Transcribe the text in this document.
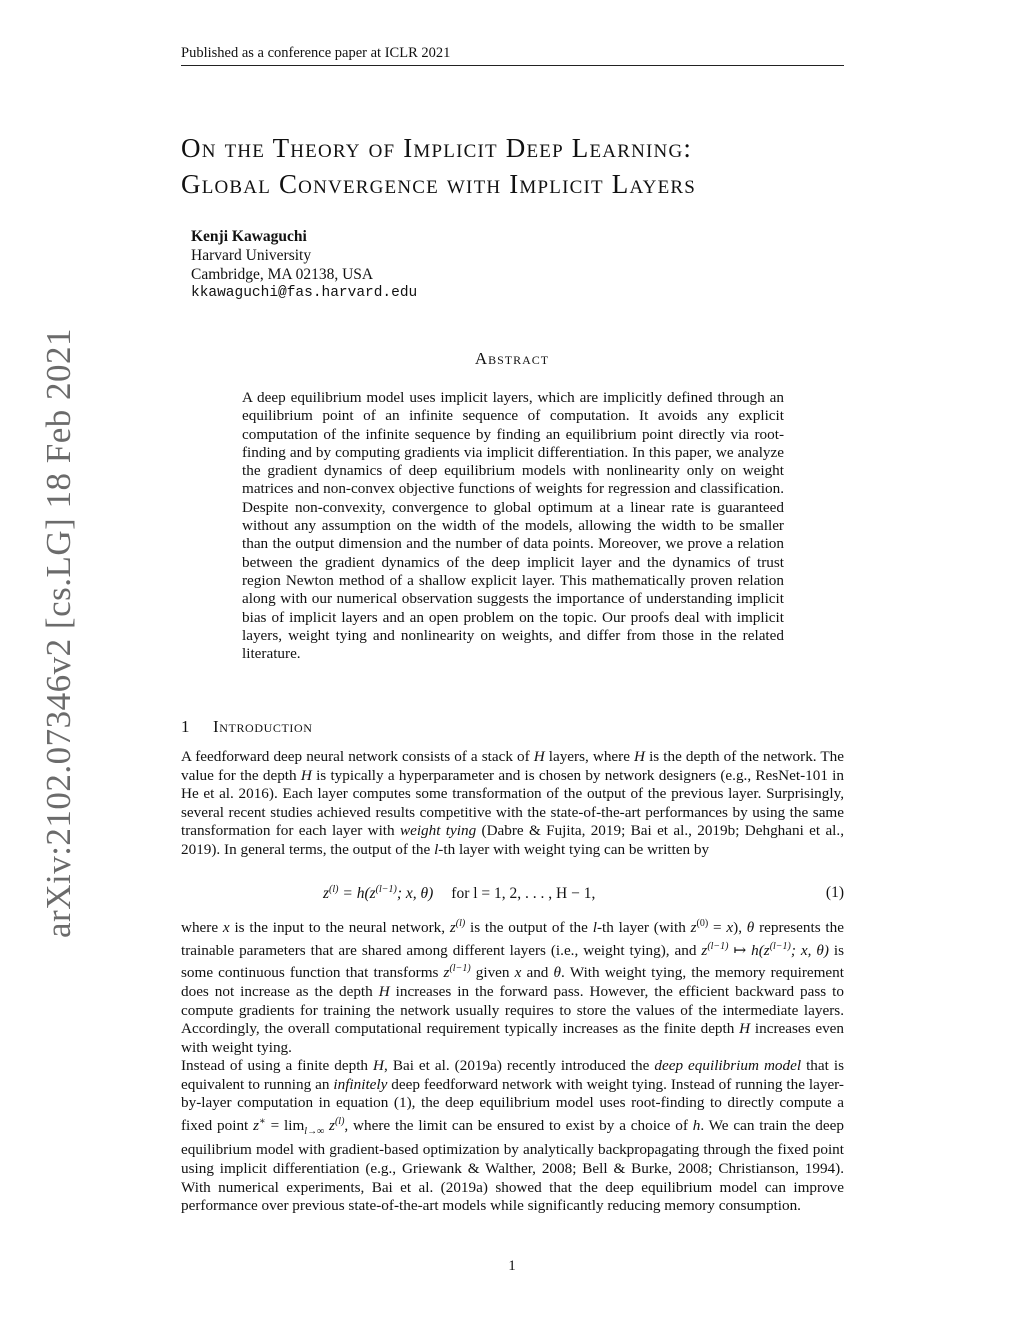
Published as a conference paper at ICLR 2021
On the Theory of Implicit Deep Learning:
Global Convergence with Implicit Layers
Kenji Kawaguchi
Harvard University
Cambridge, MA 02138, USA
kkawaguchi@fas.harvard.edu
Abstract
A deep equilibrium model uses implicit layers, which are implicitly defined through an equilibrium point of an infinite sequence of computation. It avoids any explicit computation of the infinite sequence by finding an equilibrium point directly via root-finding and by computing gradients via implicit differentiation. In this paper, we analyze the gradient dynamics of deep equilibrium models with nonlinearity only on weight matrices and non-convex objective functions of weights for regression and classification. Despite non-convexity, convergence to global optimum at a linear rate is guaranteed without any assumption on the width of the models, allowing the width to be smaller than the output dimension and the number of data points. Moreover, we prove a relation between the gradient dynamics of the deep implicit layer and the dynamics of trust region Newton method of a shallow explicit layer. This mathematically proven relation along with our numerical observation suggests the importance of understanding implicit bias of implicit layers and an open problem on the topic. Our proofs deal with implicit layers, weight tying and nonlinearity on weights, and differ from those in the related literature.
1 Introduction

A feedforward deep neural network consists of a stack of H layers, where H is the depth of the network. The value for the depth H is typically a hyperparameter and is chosen by network designers (e.g., ResNet-101 in He et al. 2016). Each layer computes some transformation of the output of the previous layer. Surprisingly, several recent studies achieved results competitive with the state-of-the-art performances by using the same transformation for each layer with weight tying (Dabre & Fujita, 2019; Bai et al., 2019b; Dehghani et al., 2019). In general terms, the output of the l-th layer with weight tying can be written by

$z^{(l)} = h(z^{(l-1)}$; x, θ) for l = 1, 2, . . . , H − 1,	(1)

where x is the input to the neural network, $z^{(l)}$ is the output of the l-th layer (with $z^{(0)} = x$), θ represents the trainable parameters that are shared among different layers (i.e., weight tying), and $z^{(l-1)}$ ↦ $h(z^{(l-1)}$; x, θ) is some continuous function that transforms $z^{(l-1)}$ given x and θ. With weight tying, the memory requirement does not increase as the depth H increases in the forward pass. However, the efficient backward pass to compute gradients for training the network usually requires to store the values of the intermediate layers. Accordingly, the overall computational requirement typically increases as the finite depth H increases even with weight tying.

Instead of using a finite depth H, Bai et al. (2019a) recently introduced the deep equilibrium model that is equivalent to running an infinitely deep feedforward network with weight tying. Instead of running the layer-by-layer computation in equation (1), the deep equilibrium model uses root-finding to directly compute a fixed point $z^∗ = \lim_{l\to\infty} z^{(l)}$, where the limit can be ensured to exist by a choice of h. We can train the deep equilibrium model with gradient-based optimization by analytically backpropagating through the fixed point using implicit differentiation (e.g., Griewank & Walther, 2008; Bell & Burke, 2008; Christianson, 1994). With numerical experiments, Bai et al. (2019a) showed that the deep equilibrium model can improve performance over previous state-of-the-art models while significantly reducing memory consumption.

1
arXiv:2102.07346v2 [cs.LG] 18 Feb 2021
